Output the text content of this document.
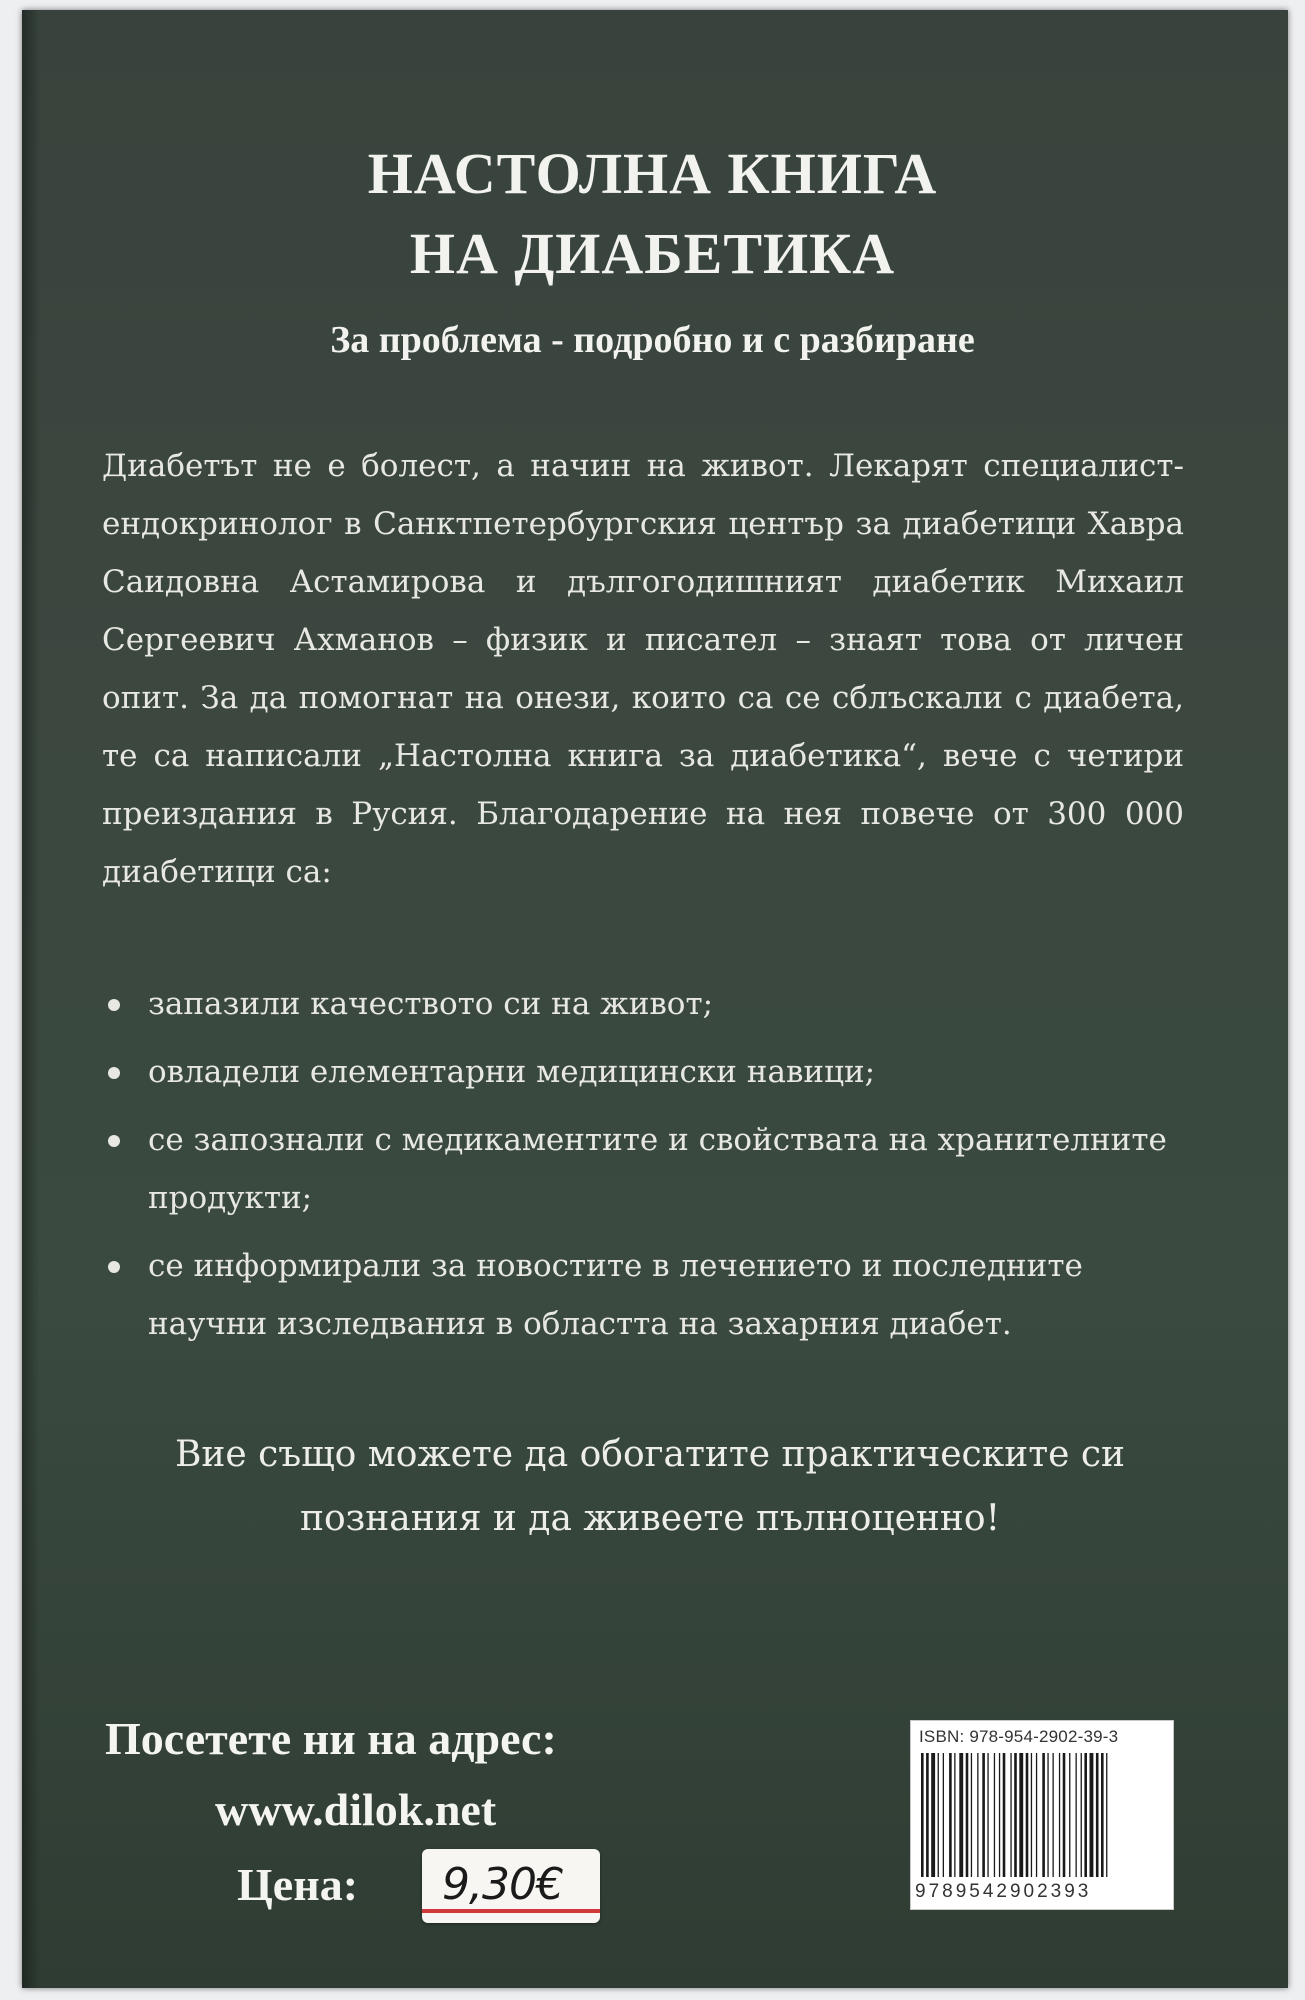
НАСТОЛНА КНИГА
НА ДИАБЕТИКА
За проблема - подробно и с разбиране
Диабетът не е болест, а начин на живот. Лекарят специалист-ендокринолог в Санктпетербургския център за диабетици Хавра Саидовна Астамирова и дългогодишният диабетик Михаил Сергеевич Ахманов – физик и писател – знаят това от личен опит. За да помогнат на онези, които са се сблъскали с диабета, те са написали „Настолна книга за диабетика“, вече с четири преиздания в Русия. Благодарение на нея повече от 300 000 диабетици са:
запазили качеството си на живот;
овладели елементарни медицински навици;
се запознали с медикаментите и свойствата на хранителните продукти;
се информирали за новостите в лечението и последните научни изследвания в областта на захарния диабет.
Вие също можете да обогатите практическите си познания и да живеете пълноценно!
Посетете ни на адрес:
www.dilok.net
Цена: 9,30€
ISBN: 978-954-2902-39-3
9789542902393
